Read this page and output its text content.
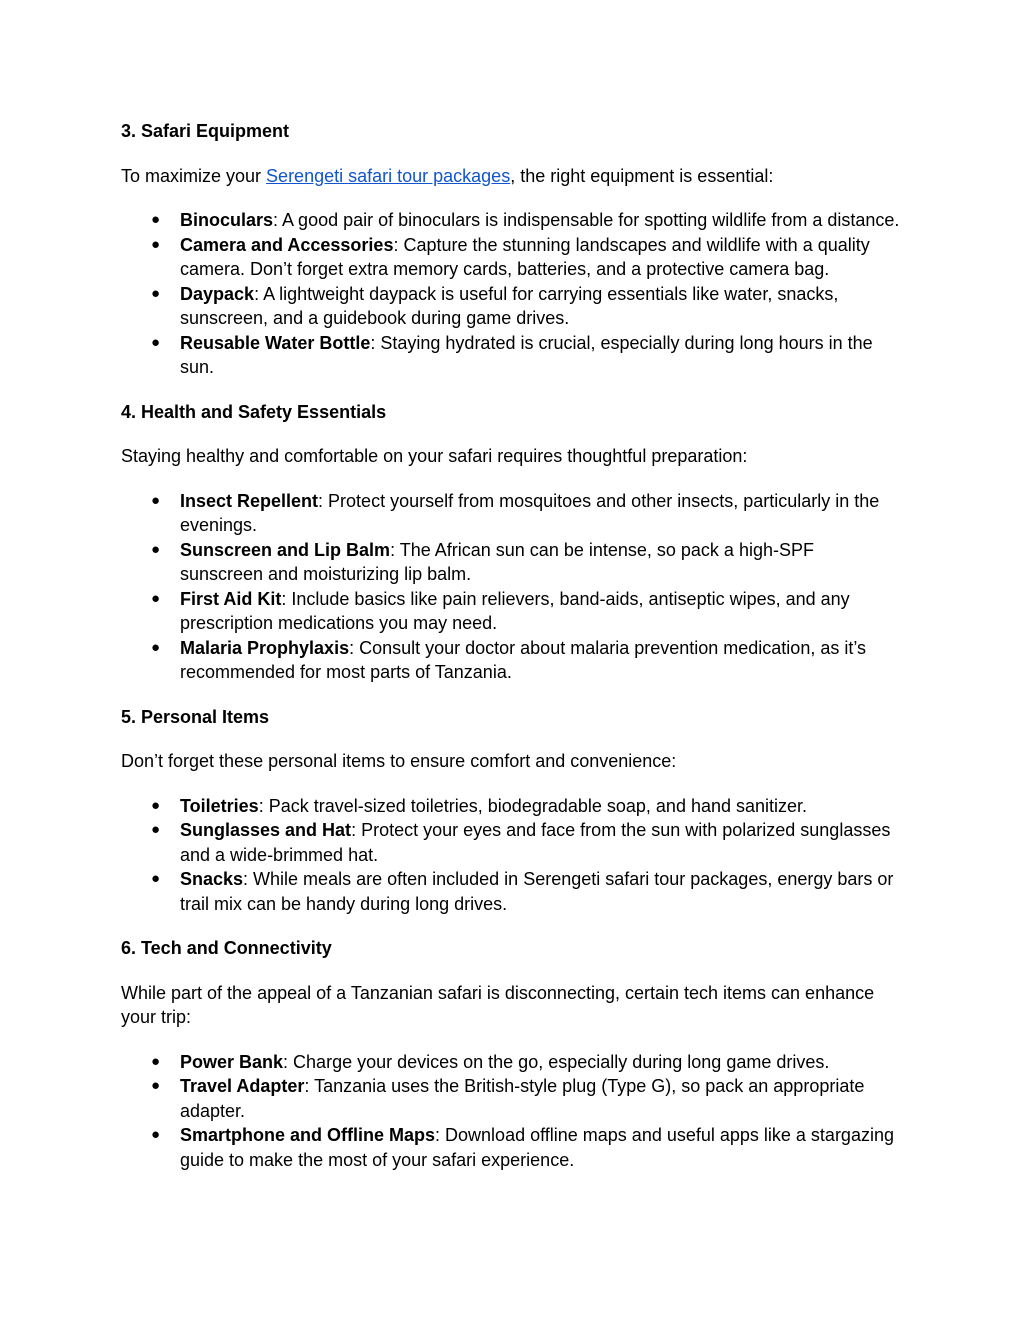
3. Safari Equipment

To maximize your Serengeti safari tour packages, the right equipment is essential:

● Binoculars: A good pair of binoculars is indispensable for spotting wildlife from a distance.
● Camera and Accessories: Capture the stunning landscapes and wildlife with a quality camera. Don’t forget extra memory cards, batteries, and a protective camera bag.
● Daypack: A lightweight daypack is useful for carrying essentials like water, snacks, sunscreen, and a guidebook during game drives.
● Reusable Water Bottle: Staying hydrated is crucial, especially during long hours in the sun.

4. Health and Safety Essentials

Staying healthy and comfortable on your safari requires thoughtful preparation:

● Insect Repellent: Protect yourself from mosquitoes and other insects, particularly in the evenings.
● Sunscreen and Lip Balm: The African sun can be intense, so pack a high-SPF sunscreen and moisturizing lip balm.
● First Aid Kit: Include basics like pain relievers, band-aids, antiseptic wipes, and any prescription medications you may need.
● Malaria Prophylaxis: Consult your doctor about malaria prevention medication, as it’s recommended for most parts of Tanzania.

5. Personal Items

Don’t forget these personal items to ensure comfort and convenience:

● Toiletries: Pack travel-sized toiletries, biodegradable soap, and hand sanitizer.
● Sunglasses and Hat: Protect your eyes and face from the sun with polarized sunglasses and a wide-brimmed hat.
● Snacks: While meals are often included in Serengeti safari tour packages, energy bars or trail mix can be handy during long drives.

6. Tech and Connectivity

While part of the appeal of a Tanzanian safari is disconnecting, certain tech items can enhance your trip:

● Power Bank: Charge your devices on the go, especially during long game drives.
● Travel Adapter: Tanzania uses the British-style plug (Type G), so pack an appropriate adapter.
● Smartphone and Offline Maps: Download offline maps and useful apps like a stargazing guide to make the most of your safari experience.
